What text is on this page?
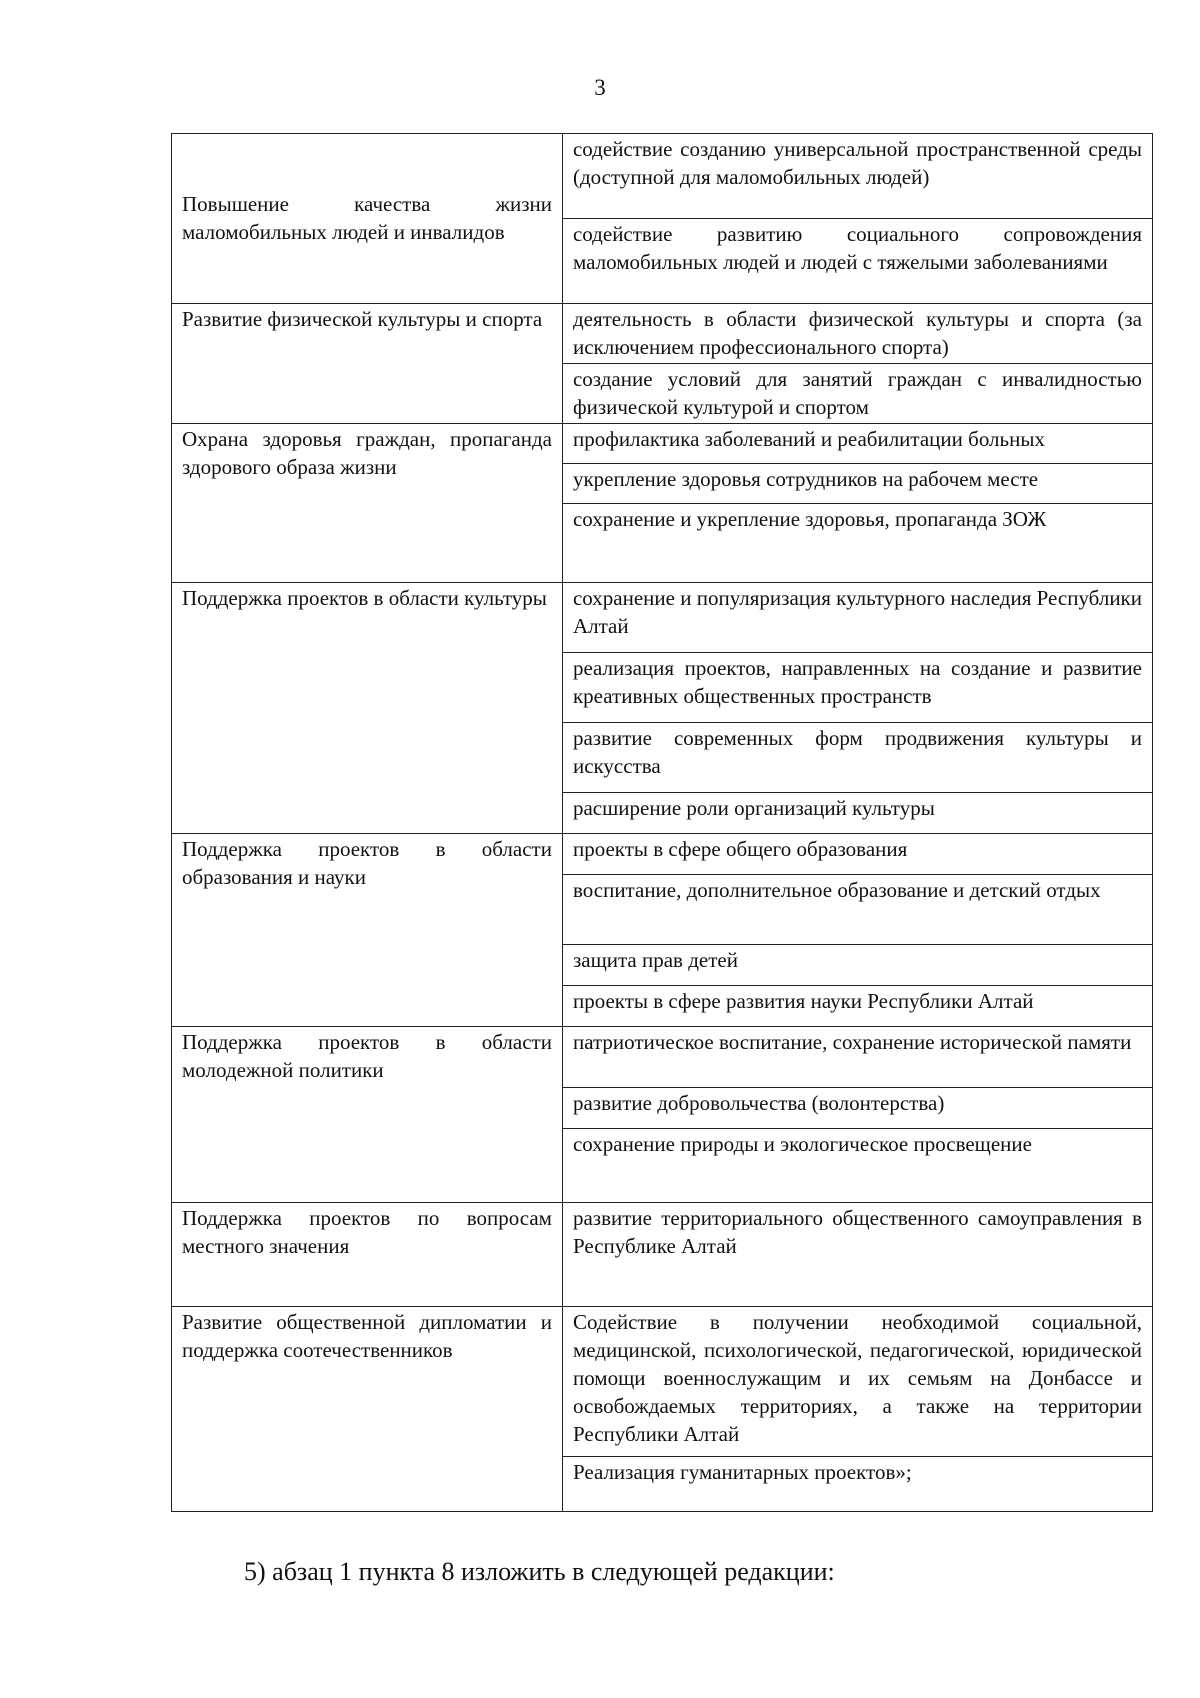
3
Повышение качества жизни маломобильных людей и инвалидов	содействие созданию универсальной пространственной среды (доступной для маломобильных людей)
	содействие развитию социального сопровождения маломобильных людей и людей с тяжелыми заболеваниями
Развитие физической культуры и спорта	деятельность в области физической культуры и спорта (за исключением профессионального спорта)
	создание условий для занятий граждан с инвалидностью физической культурой и спортом
Охрана здоровья граждан, пропаганда здорового образа жизни	профилактика заболеваний и реабилитации больных
	укрепление здоровья сотрудников на рабочем месте
	сохранение и укрепление здоровья, пропаганда ЗОЖ
Поддержка проектов в области культуры	сохранение и популяризация культурного наследия Республики Алтай
	реализация проектов, направленных на создание и развитие креативных общественных пространств
	развитие современных форм продвижения культуры и искусства
	расширение роли организаций культуры
Поддержка проектов в области образования и науки	проекты в сфере общего образования
	воспитание, дополнительное образование и детский отдых
	защита прав детей
	проекты в сфере развития науки Республики Алтай
Поддержка проектов в области молодежной политики	патриотическое воспитание, сохранение исторической памяти
	развитие добровольчества (волонтерства)
	сохранение природы и экологическое просвещение
Поддержка проектов по вопросам местного значения	развитие территориального общественного самоуправления в Республике Алтай
Развитие общественной дипломатии и поддержка соотечественников	Содействие в получении необходимой социальной, медицинской, психологической, педагогической, юридической помощи военнослужащим и их семьям на Донбассе и освобождаемых территориях, а также на территории Республики Алтай
	Реализация гуманитарных проектов»;
5) абзац 1 пункта 8 изложить в следующей редакции:
